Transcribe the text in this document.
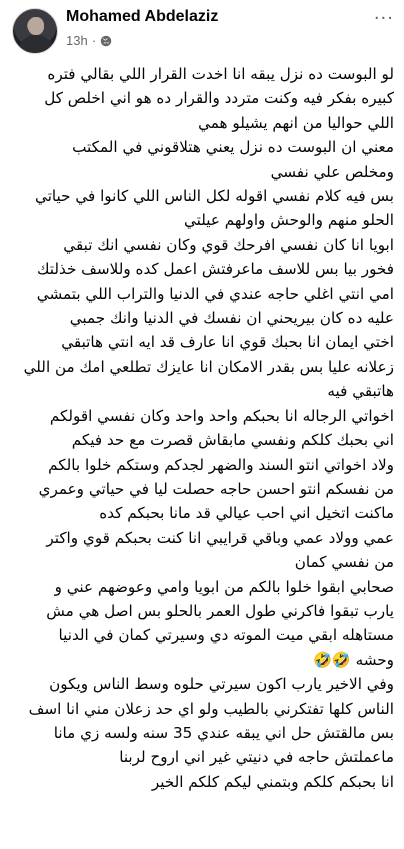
Mohamed Abdelaziz
13h ·
···
لو البوست ده نزل يبقه انا اخدت القرار اللي بقالي فتره
كبيره بفكر فيه وكنت متردد والقرار ده هو اني اخلص كل
اللي حواليا من انهم يشيلو همي
معني ان البوست ده نزل يعني هتلاقوني في المكتب
ومخلص علي نفسي
بس فيه كلام نفسي اقوله لكل الناس اللي كانوا في حياتي
الحلو منهم والوحش واولهم عيلتي
ابويا انا كان نفسي افرحك قوي وكان نفسي انك تبقي
فخور بيا بس للاسف ماعرفتش اعمل كده وللاسف خذلتك
امي انتي اغلي حاجه عندي في الدنيا والتراب اللي بتمشي
عليه ده كان بيريحني ان نفسك في الدنيا وانك جمبي
اختي ايمان انا بحبك قوي انا عارف قد ايه انتي هاتبقي
زعلانه عليا بس بقدر الامكان انا عايزك تطلعي امك من اللي
هاتبقي فيه
اخواتي الرجاله انا بحبكم واحد واحد وكان نفسي اقولكم
اني بحبك كلكم ونفسي مابقاش قصرت مع حد فيكم
ولاد اخواتي انتو السند والضهر لجدكم وستكم خلوا بالكم
من نفسكم انتو احسن حاجه حصلت ليا في حياتي وعمري
ماكنت اتخيل اني احب عيالي قد مانا بحبكم كده
عمي وولاد عمي وباقي قرايبي انا كنت بحبكم قوي واكتر
من نفسي كمان
صحابي ابقوا خلوا بالكم من ابويا وامي وعوضهم عني و
يارب تبقوا فاكرني طول العمر بالحلو بس اصل هي مش
مستاهله ابقي ميت الموته دي وسيرتي كمان في الدنيا
وحشه 🤣🤣
وفي الاخير يارب اكون سيرتي حلوه وسط الناس ويكون
الناس كلها تفتكرني بالطيب ولو اي حد زعلان مني انا اسف
بس مالقتش حل اني يبقه عندي 35 سنه ولسه زي مانا
ماعملتش حاجه في دنيتي غير اني اروح لربنا
انا بحبكم كلكم وبتمني ليكم كلكم الخير
